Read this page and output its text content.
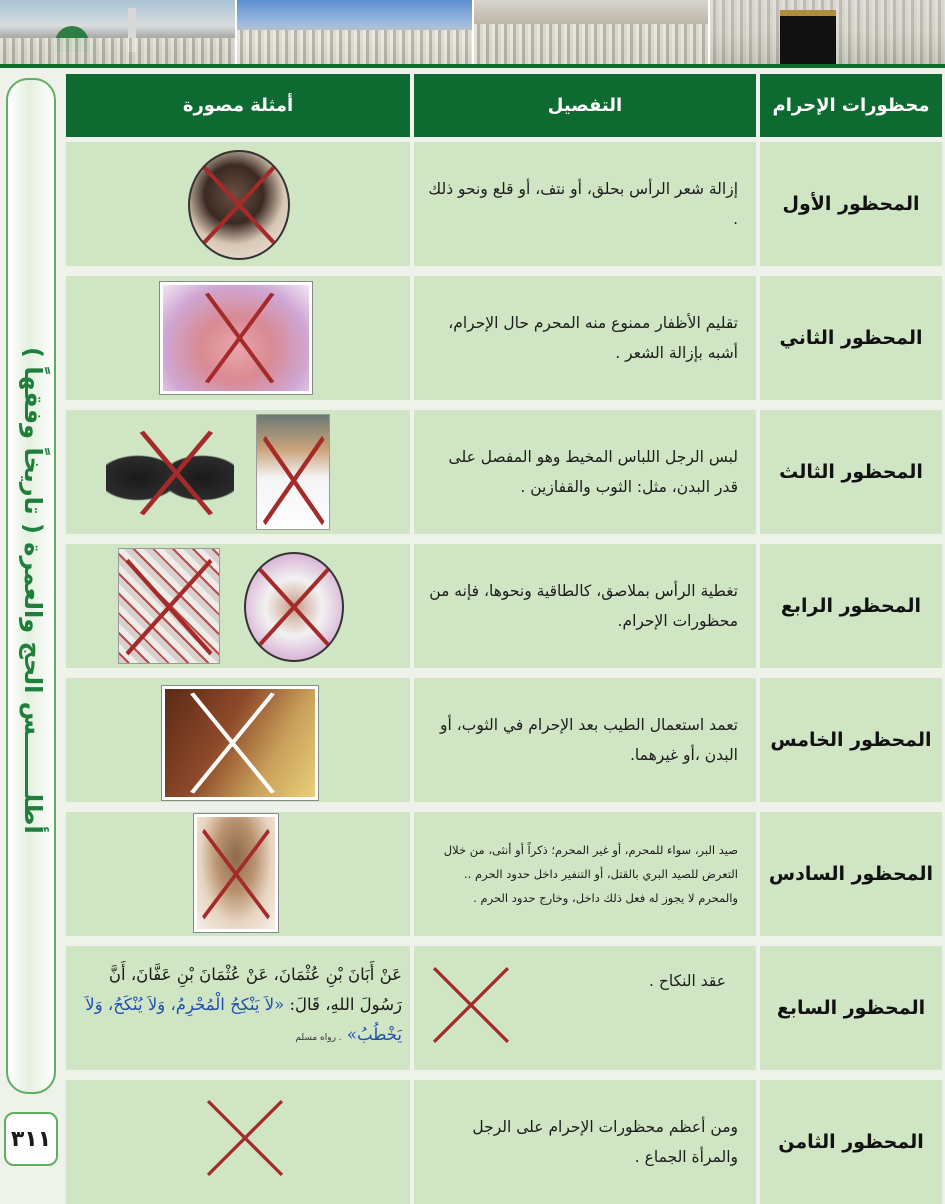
أطلـــــــس الحج والعمرة ( تاريخاً وفقهاً )
٣١١
محظورات الإحرام
التفصيل
أمثلة مصورة
المحظور الأول
إزالة شعر الرأس بحلق، أو نتف، أو قلع ونحو ذلك .
المحظور الثاني
تقليم الأظفار ممنوع منه المحرم حال الإحرام، أشبه بإزالة الشعر .
المحظور الثالث
لبس الرجل اللباس المخيط وهو المفصل على قدر البدن، مثل: الثوب والقفازين .
المحظور الرابع
تغطية الرأس بملاصق، كالطاقية ونحوها، فإنه من محظورات الإحرام.
المحظور الخامس
تعمد استعمال الطيب بعد الإحرام في الثوب، أو البدن ،أو غيرهما.
المحظور السادس
صيد البر، سواء للمحرم، أو غير المحرم؛ ذكراً أو أنثى، من خلال التعرض للصيد البري بالقتل، أو التنفير داخل حدود الحرم .. والمحرم لا يجوز له فعل ذلك داخل، وخارج حدود الحرم .
المحظور السابع
عقد النكاح .
عَنْ أَبَانَ بْنِ عُثْمَانَ، عَنْ عُثْمَانَ بْنِ عَفَّانَ، أَنَّ رَسُولَ اللهِ، قَالَ: «لاَ يَنْكِحُ الْمُحْرِمُ، وَلاَ يُنْكَحُ، وَلاَ يَخْطُبُ» . رواه مسلم
المحظور الثامن
ومن أعظم محظورات الإحرام على الرجل والمرأة الجماع .
